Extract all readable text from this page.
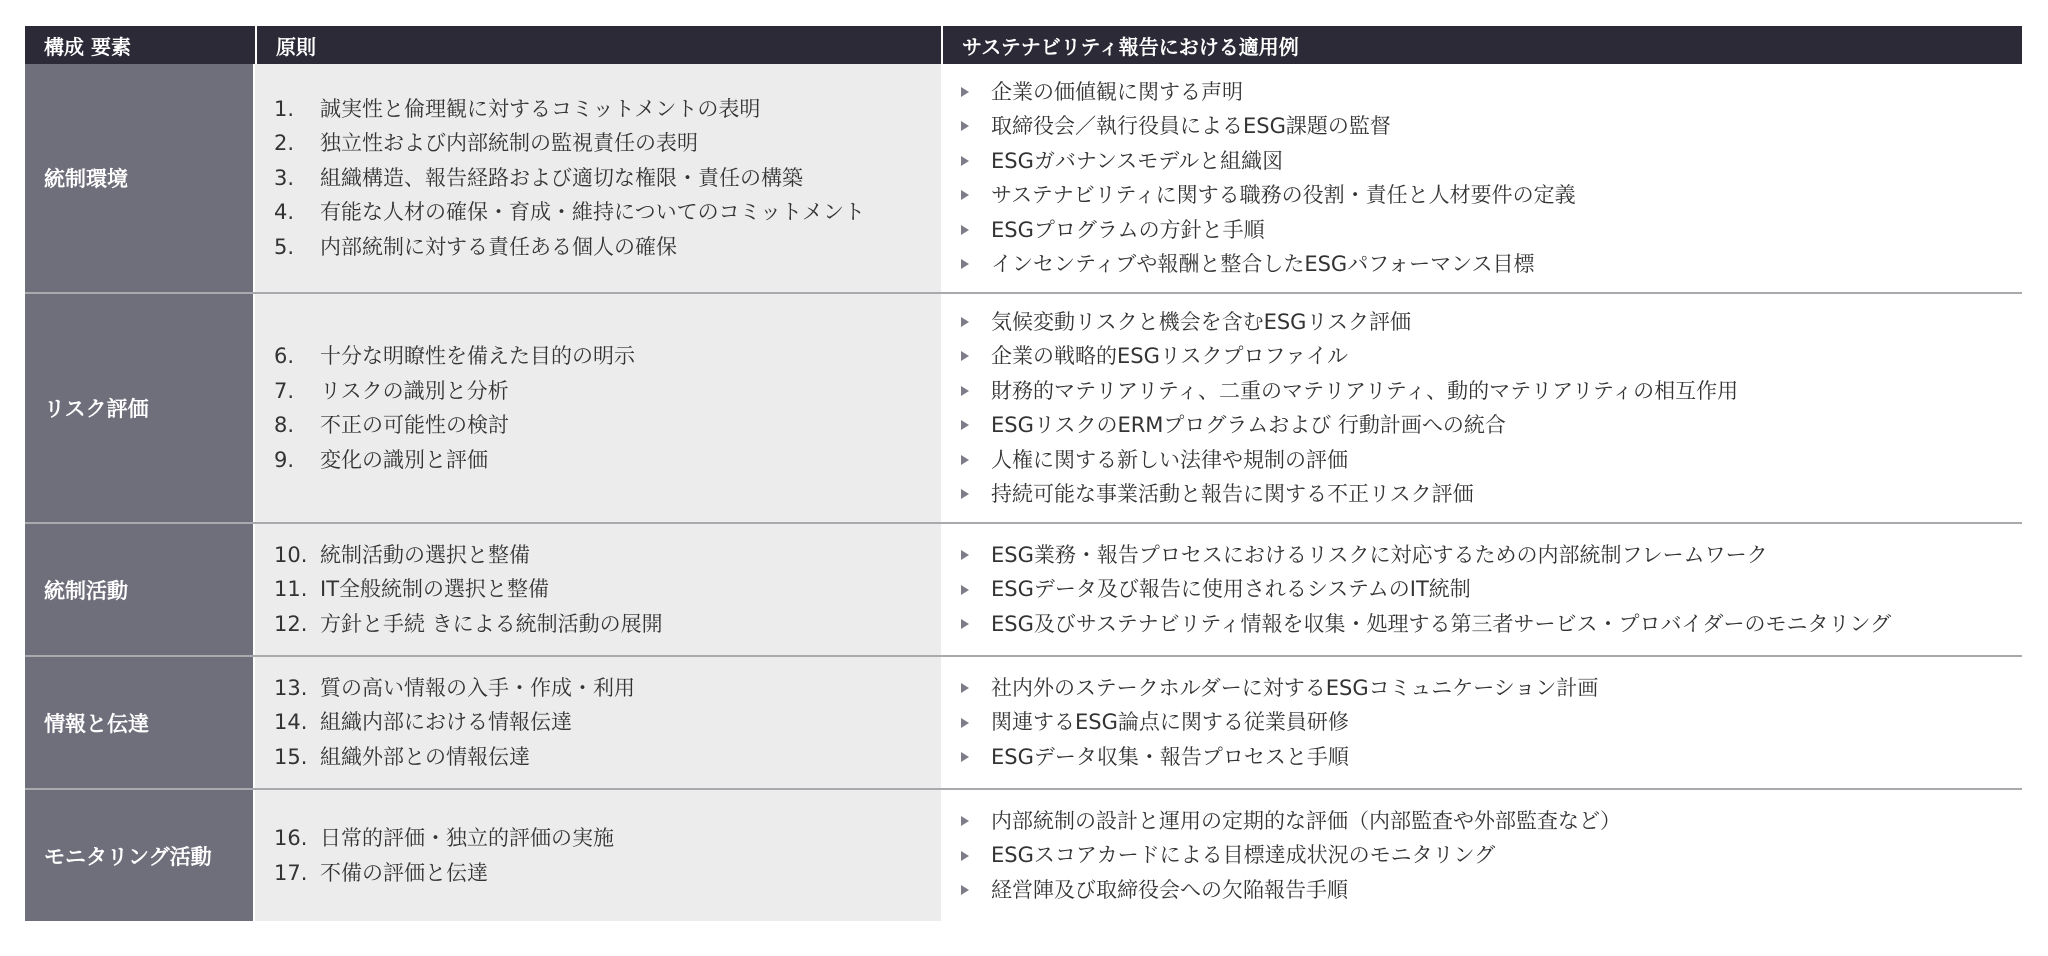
構成 要素	原則	サステナビリティ報告における適用例
統制環境
1. 誠実性と倫理観に対するコミットメントの表明
2. 独立性および内部統制の監視責任の表明
3. 組織構造、報告経路および適切な権限・責任の構築
4. 有能な人材の確保・育成・維持についてのコミットメント
5. 内部統制に対する責任ある個人の確保
企業の価値観に関する声明
取締役会／執行役員によるESG課題の監督
ESGガバナンスモデルと組織図
サステナビリティに関する職務の役割・責任と人材要件の定義
ESGプログラムの方針と手順
インセンティブや報酬と整合したESGパフォーマンス目標
リスク評価
6. 十分な明瞭性を備えた目的の明示
7. リスクの識別と分析
8. 不正の可能性の検討
9. 変化の識別と評価
気候変動リスクと機会を含むESGリスク評価
企業の戦略的ESGリスクプロファイル
財務的マテリアリティ、二重のマテリアリティ、動的マテリアリティの相互作用
ESGリスクのERMプログラムおよび 行動計画への統合
人権に関する新しい法律や規制の評価
持続可能な事業活動と報告に関する不正リスク評価
統制活動
10. 統制活動の選択と整備
11. IT全般統制の選択と整備
12. 方針と手続 きによる統制活動の展開
ESG業務・報告プロセスにおけるリスクに対応するための内部統制フレームワーク
ESGデータ及び報告に使用されるシステムのIT統制
ESG及びサステナビリティ情報を収集・処理する第三者サービス・プロバイダーのモニタリング
情報と伝達
13. 質の高い情報の入手・作成・利用
14. 組織内部における情報伝達
15. 組織外部との情報伝達
社内外のステークホルダーに対するESGコミュニケーション計画
関連するESG論点に関する従業員研修
ESGデータ収集・報告プロセスと手順
モニタリング活動
16. 日常的評価・独立的評価の実施
17. 不備の評価と伝達
内部統制の設計と運用の定期的な評価（内部監査や外部監査など）
ESGスコアカードによる目標達成状況のモニタリング
経営陣及び取締役会への欠陥報告手順
